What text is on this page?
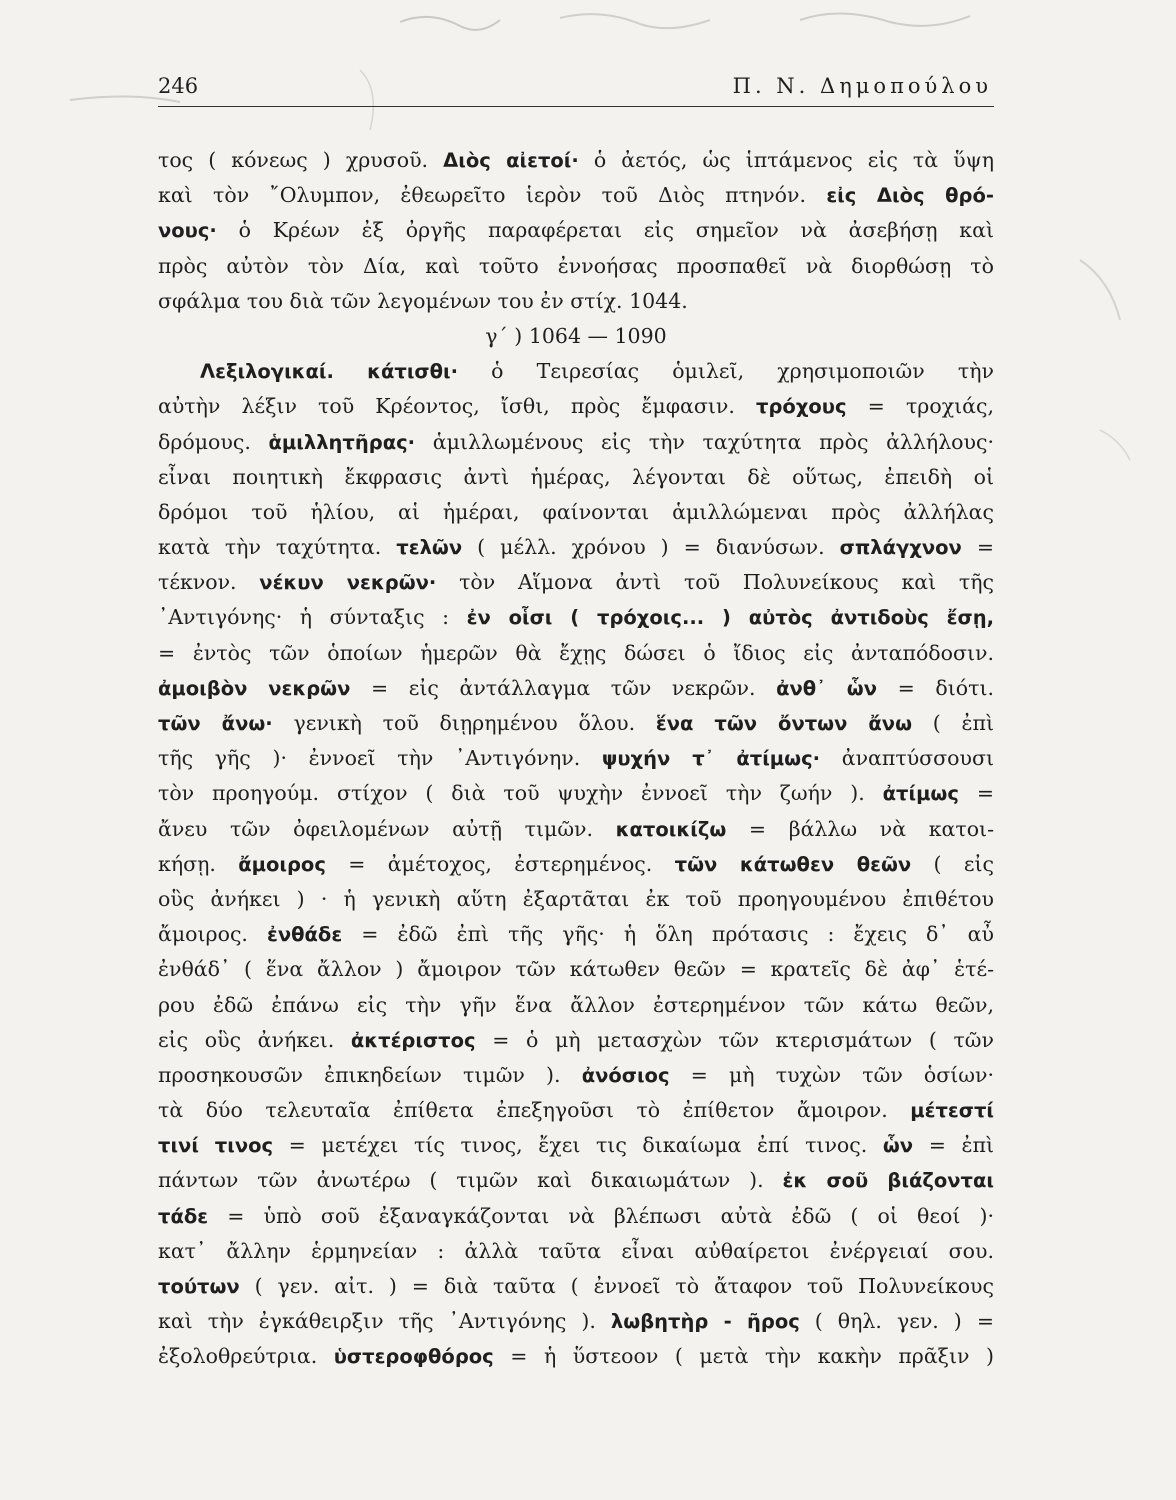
246	Π. Ν. Δημοπούλου
τος ( κόνεως ) χρυσοῦ. Διὸς αἰετοί· ὁ ἀετός, ὡς ἱπτάμενος εἰς τὰ ὕψη
καὶ τὸν ῎Ολυμπον, ἐθεωρεῖτο ἱερὸν τοῦ Διὸς πτηνόν. εἰς Διὸς θρό-
νους· ὁ Κρέων ἐξ ὀργῆς παραφέρεται εἰς σημεῖον νὰ ἀσεβήσῃ καὶ
πρὸς αὐτὸν τὸν Δία, καὶ τοῦτο ἐννοήσας προσπαθεῖ νὰ διορθώσῃ τὸ
σφάλμα του διὰ τῶν λεγομένων του ἐν στίχ. 1044.
γ΄ ) 1064 — 1090
Λεξιλογικαί. κάτισθι· ὁ Τειρεσίας ὁμιλεῖ, χρησιμοποιῶν τὴν
αὐτὴν λέξιν τοῦ Κρέοντος, ἴσθι, πρὸς ἔμφασιν. τρόχους = τροχιάς,
δρόμους. ἁμιλλητῆρας· ἁμιλλωμένους εἰς τὴν ταχύτητα πρὸς ἀλλήλους·
εἶναι ποιητικὴ ἔκφρασις ἀντὶ ἡμέρας, λέγονται δὲ οὕτως, ἐπειδὴ οἱ
δρόμοι τοῦ ἡλίου, αἱ ἡμέραι, φαίνονται ἁμιλλώμεναι πρὸς ἀλλήλας
κατὰ τὴν ταχύτητα. τελῶν ( μέλλ. χρόνου ) = διανύσων. σπλάγχνον =
τέκνον. νέκυν νεκρῶν· τὸν Αἵμονα ἀντὶ τοῦ Πολυνείκους καὶ τῆς
᾿Αντιγόνης· ἡ σύνταξις : ἐν οἷσι ( τρόχοις... ) αὐτὸς ἀντιδοὺς ἔσῃ,
= ἐντὸς τῶν ὁποίων ἡμερῶν θὰ ἔχῃς δώσει ὁ ἴδιος εἰς ἀνταπόδοσιν.
ἀμοιβὸν νεκρῶν = εἰς ἀντάλλαγμα τῶν νεκρῶν. ἀνθ᾿ ὧν = διότι.
τῶν ἄνω· γενικὴ τοῦ διῃρημένου ὅλου. ἕνα τῶν ὄντων ἄνω ( ἐπὶ
τῆς γῆς )· ἐννοεῖ τὴν ᾿Αντιγόνην. ψυχήν τ᾿ ἀτίμως· ἀναπτύσσουσι
τὸν προηγούμ. στίχον ( διὰ τοῦ ψυχὴν ἐννοεῖ τὴν ζωήν ). ἀτίμως =
ἄνευ τῶν ὀφειλομένων αὐτῇ τιμῶν. κατοικίζω = βάλλω νὰ κατοι-
κήσῃ. ἄμοιρος = ἀμέτοχος, ἐστερημένος. τῶν κάτωθεν θεῶν ( εἰς
οὓς ἀνήκει ) · ἡ γενικὴ αὕτη ἐξαρτᾶται ἐκ τοῦ προηγουμένου ἐπιθέτου
ἄμοιρος. ἐνθάδε = ἐδῶ ἐπὶ τῆς γῆς· ἡ ὅλη πρότασις : ἔχεις δ᾿ αὖ
ἐνθάδ᾿ ( ἕνα ἄλλον ) ἄμοιρον τῶν κάτωθεν θεῶν = κρατεῖς δὲ ἀφ᾿ ἑτέ-
ρου ἐδῶ ἐπάνω εἰς τὴν γῆν ἕνα ἄλλον ἐστερημένον τῶν κάτω θεῶν,
εἰς οὓς ἀνήκει. ἀκτέριστος = ὁ μὴ μετασχὼν τῶν κτερισμάτων ( τῶν
προσηκουσῶν ἐπικηδείων τιμῶν ). ἀνόσιος = μὴ τυχὼν τῶν ὁσίων·
τὰ δύο τελευταῖα ἐπίθετα ἐπεξηγοῦσι τὸ ἐπίθετον ἄμοιρον. μέτεστί
τινί τινος = μετέχει τίς τινος, ἔχει τις δικαίωμα ἐπί τινος. ὧν = ἐπὶ
πάντων τῶν ἀνωτέρω ( τιμῶν καὶ δικαιωμάτων ). ἐκ σοῦ βιάζονται
τάδε = ὑπὸ σοῦ ἐξαναγκάζονται νὰ βλέπωσι αὐτὰ ἐδῶ ( οἱ θεοί )·
κατ᾿ ἄλλην ἑρμηνείαν : ἀλλὰ ταῦτα εἶναι αὐθαίρετοι ἐνέργειαί σου.
τούτων ( γεν. αἰτ. ) = διὰ ταῦτα ( ἐννοεῖ τὸ ἄταφον τοῦ Πολυνείκους
καὶ τὴν ἐγκάθειρξιν τῆς ᾿Αντιγόνης ). λωβητὴρ - ῆρος ( θηλ. γεν. ) =
ἐξολοθρεύτρια. ὑστεροφθόρος = ἡ ὕστεοον ( μετὰ τὴν κακὴν πρᾶξιν )
